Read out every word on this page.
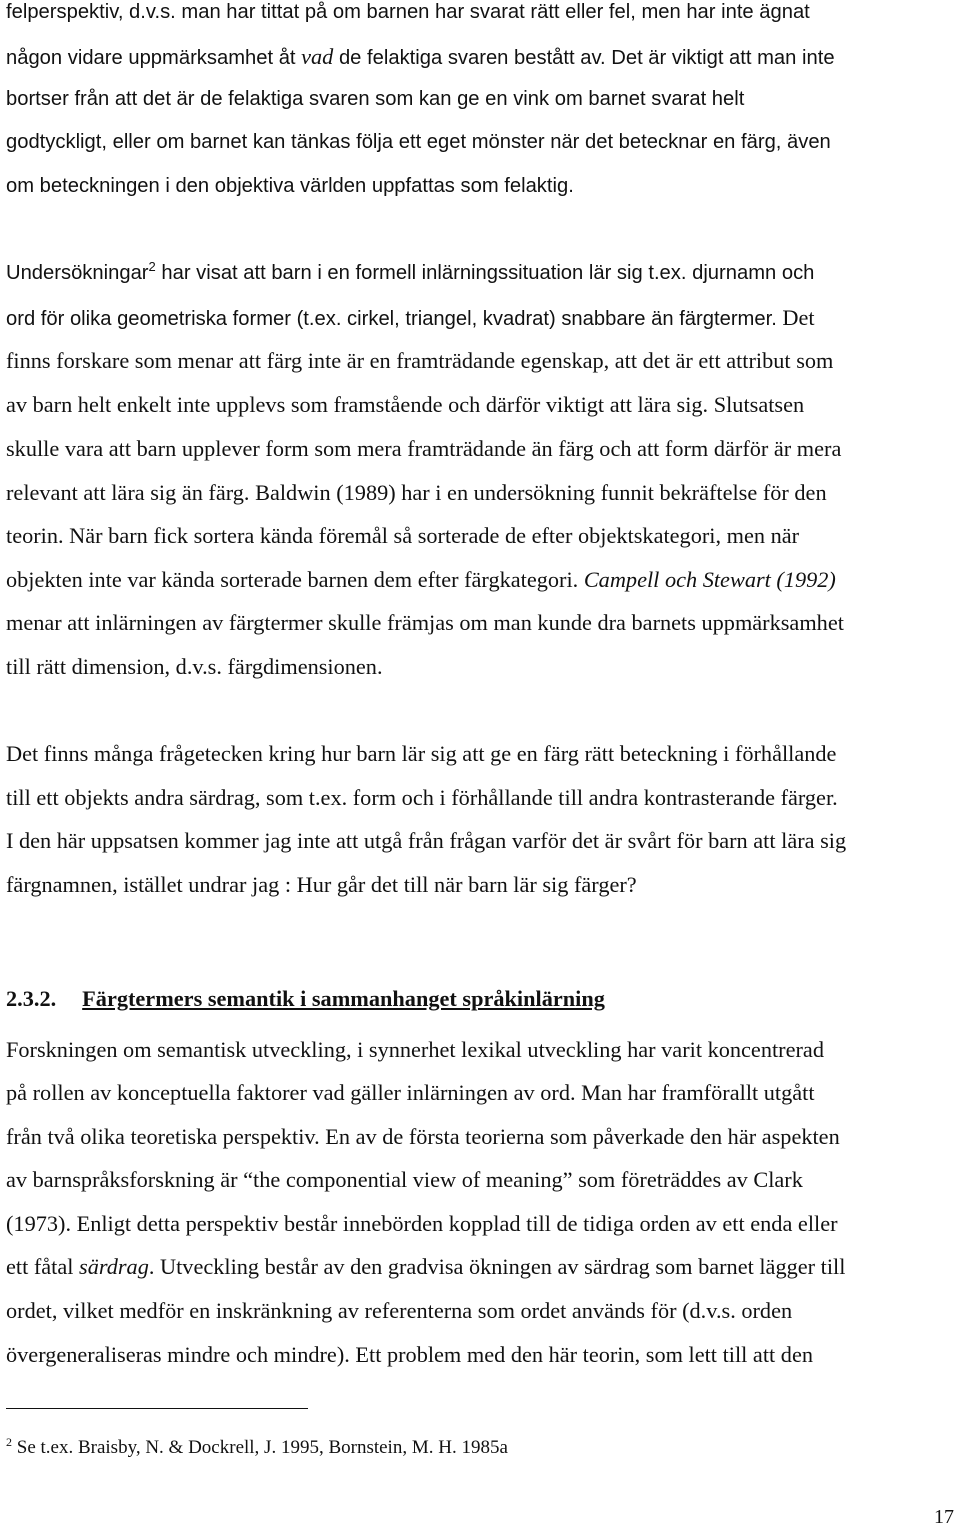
felperspektiv, d.v.s. man har tittat på om barnen har svarat rätt eller fel, men har inte ägnat
någon vidare uppmärksamhet åt vad de felaktiga svaren bestått av. Det är viktigt att man inte
bortser från att det är de felaktiga svaren som kan ge en vink om barnet svarat helt
godtyckligt, eller om barnet kan tänkas följa ett eget mönster när det betecknar en färg, även
om beteckningen i den objektiva världen uppfattas som felaktig.
Undersökningar$^2$ har visat att barn i en formell inlärningssituation lär sig t.ex. djurnamn och
ord för olika geometriska former (t.ex. cirkel, triangel, kvadrat) snabbare än färgtermer. Det
finns forskare som menar att färg inte är en framträdande egenskap, att det är ett attribut som
av barn helt enkelt inte upplevs som framstående och därför viktigt att lära sig. Slutsatsen
skulle vara att barn upplever form som mera framträdande än färg och att form därför är mera
relevant att lära sig än färg. Baldwin (1989) har i en undersökning funnit bekräftelse för den
teorin. När barn fick sortera kända föremål så sorterade de efter objektskategori, men när
objekten inte var kända sorterade barnen dem efter färgkategori. Campell och Stewart (1992)
menar att inlärningen av färgtermer skulle främjas om man kunde dra barnets uppmärksamhet
till rätt dimension, d.v.s. färgdimensionen.
Det finns många frågetecken kring hur barn lär sig att ge en färg rätt beteckning i förhållande
till ett objekts andra särdrag, som t.ex. form och i förhållande till andra kontrasterande färger.
I den här uppsatsen kommer jag inte att utgå från frågan varför det är svårt för barn att lära sig
färgnamnen, istället undrar jag : Hur går det till när barn lär sig färger?
2.3.2. Färgtermers semantik i sammanhanget språkinlärning
Forskningen om semantisk utveckling, i synnerhet lexikal utveckling har varit koncentrerad
på rollen av konceptuella faktorer vad gäller inlärningen av ord. Man har framförallt utgått
från två olika teoretiska perspektiv. En av de första teorierna som påverkade den här aspekten
av barnspråksforskning är “the componential view of meaning” som företräddes av Clark
(1973). Enligt detta perspektiv består innebörden kopplad till de tidiga orden av ett enda eller
ett fåtal särdrag. Utveckling består av den gradvisa ökningen av särdrag som barnet lägger till
ordet, vilket medför en inskränkning av referenterna som ordet används för (d.v.s. orden
övergeneraliseras mindre och mindre). Ett problem med den här teorin, som lett till att den
$^2$ Se t.ex. Braisby, N. & Dockrell, J. 1995, Bornstein, M. H. 1985a
17
